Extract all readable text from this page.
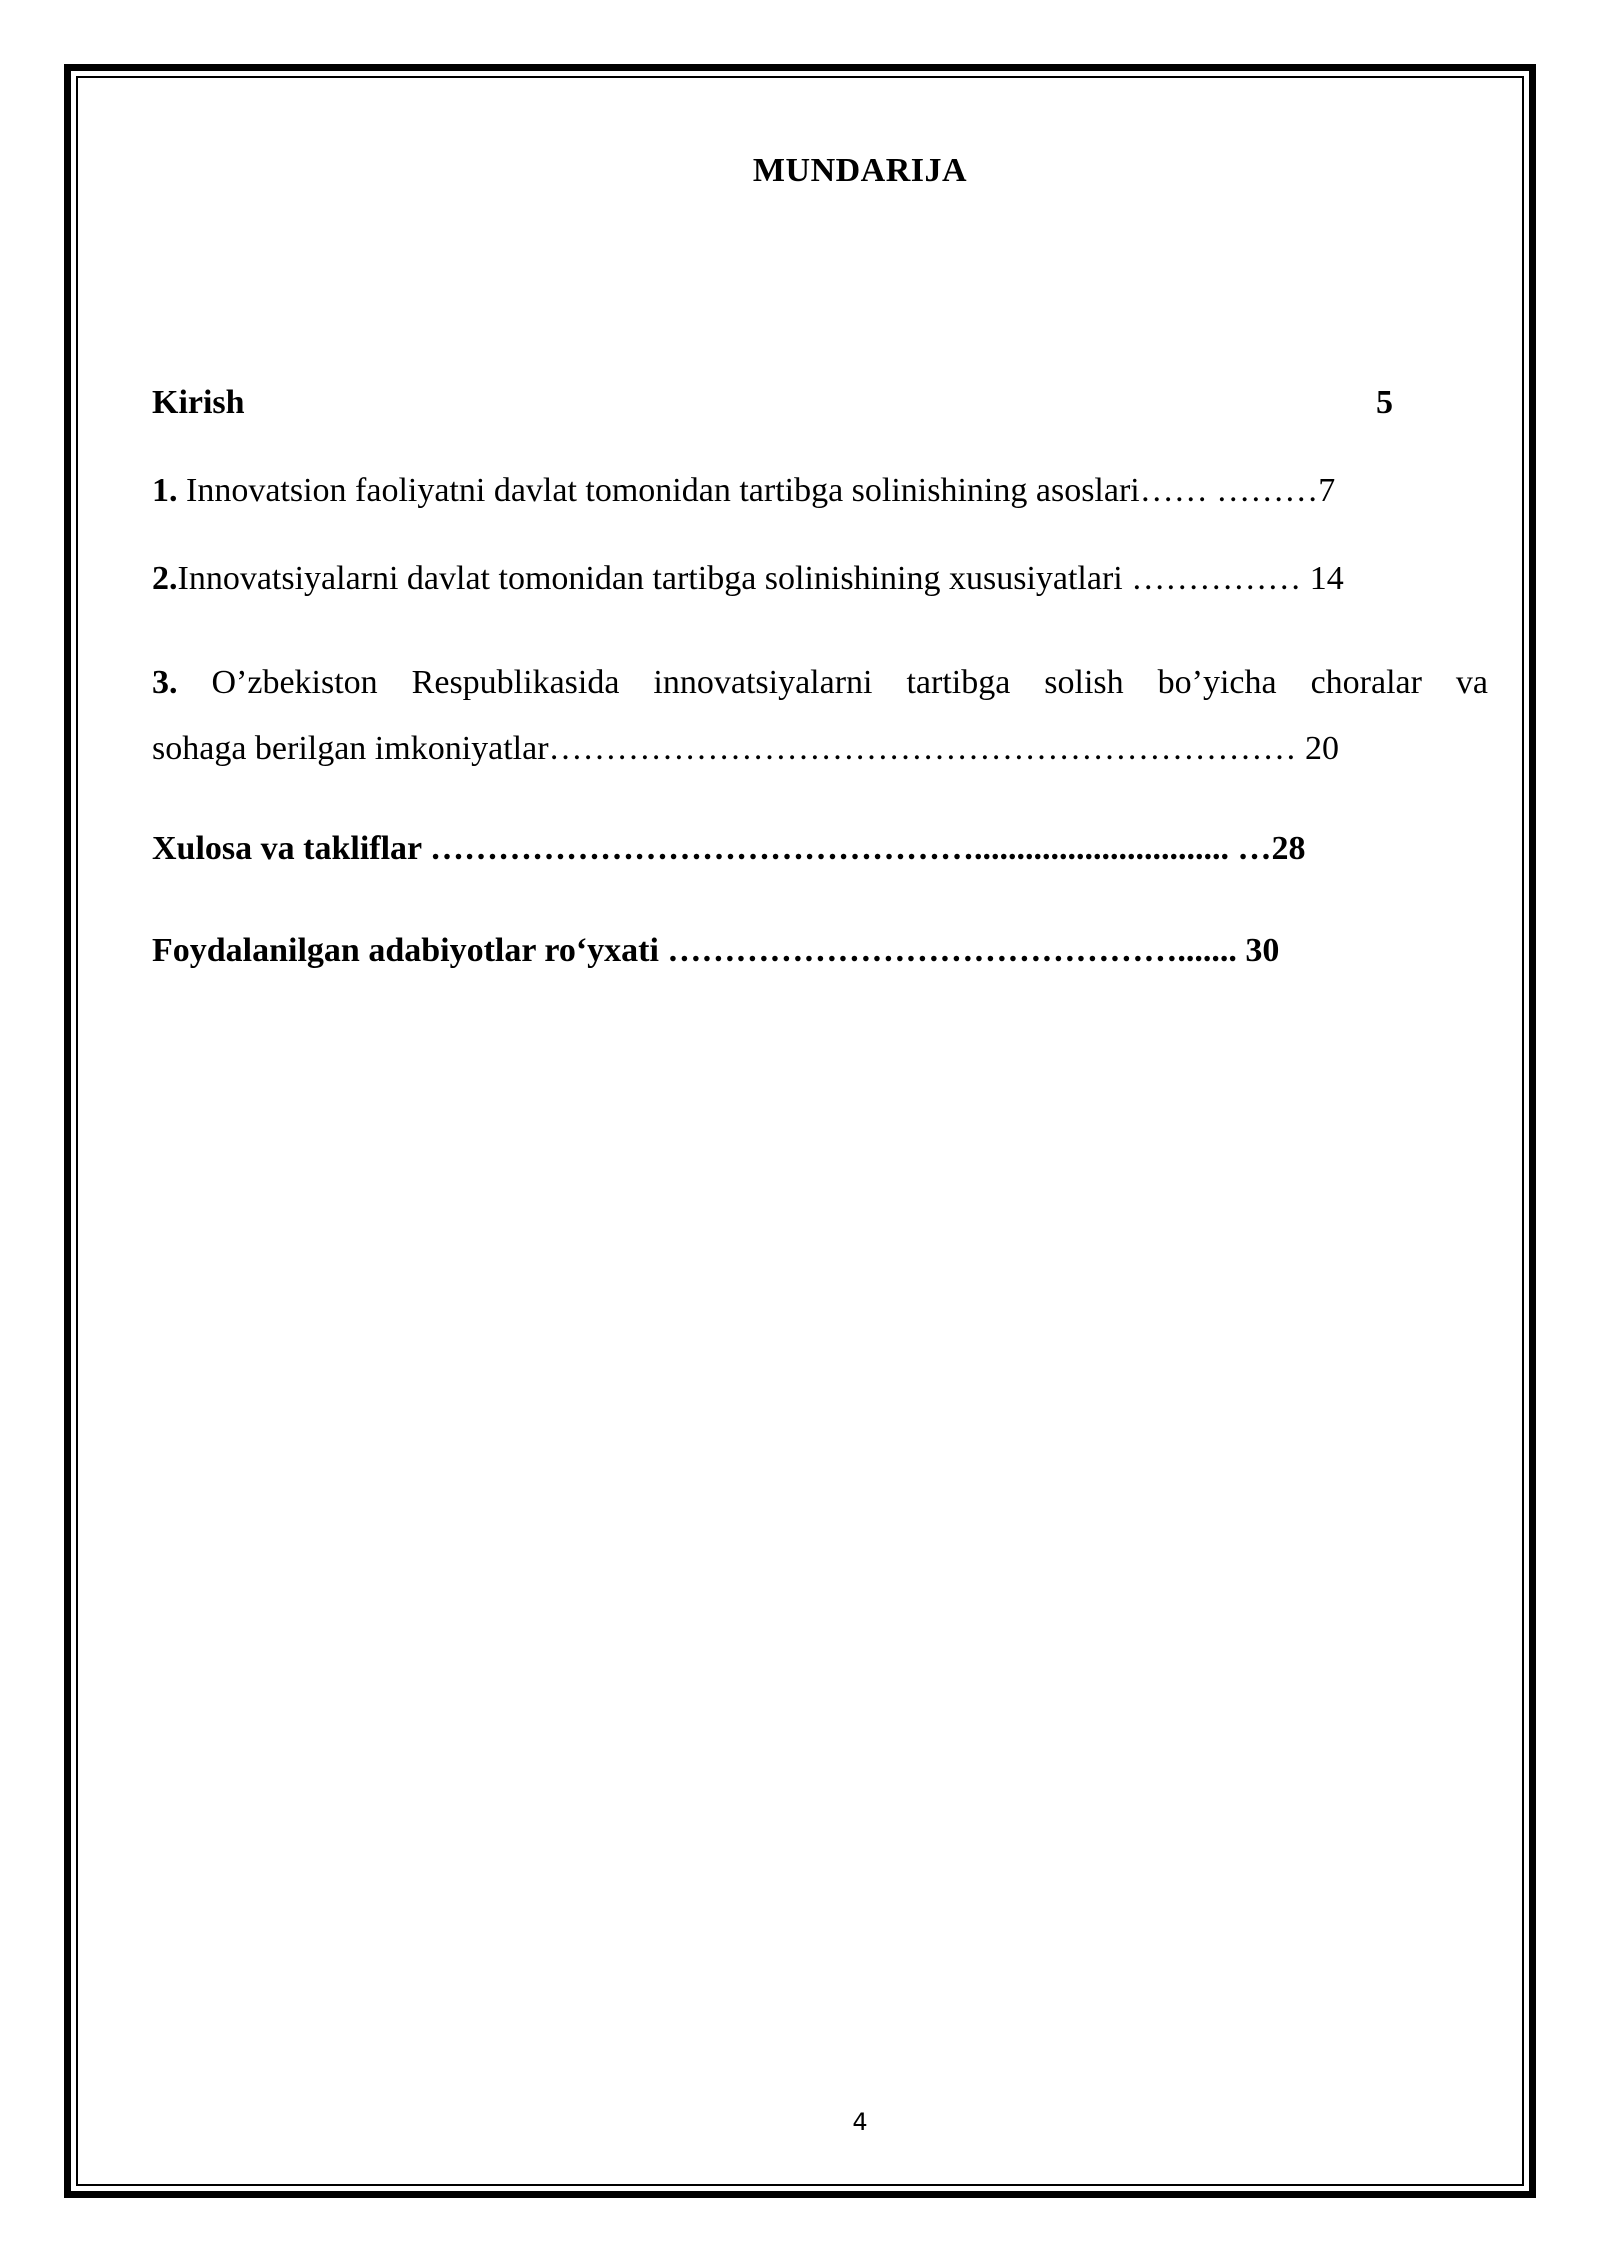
MUNDARIJA
Kirish	5
1. Innovatsion faoliyatni davlat tomonidan tartibga solinishining asoslari…… ………7
2.Innovatsiyalarni davlat tomonidan tartibga solinishining xususiyatlari …………… 14
3. O’zbekiston Respublikasida innovatsiyalarni tartibga solish bo’yicha choralar va
sohaga berilgan imkoniyatlar………………………………………………………… 20
Xulosa va takliflar ………………………………………….............................. …28
Foydalanilgan adabiyotlar ro‘yxati ………………………………………....... 30
4
